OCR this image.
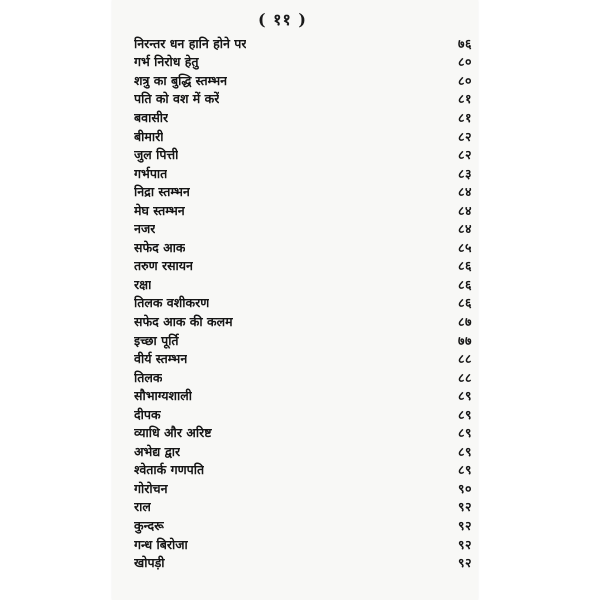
( ११ )
निरन्तर धन हानि होने पर	७६
गर्भ निरोध हेतु	८०
शत्रु का बुद्धि स्तम्भन	८०
पति को वश में करें	८१
बवासीर	८१
बीमारी	८२
जुल पित्ती	८२
गर्भपात	८३
निद्रा स्तम्भन	८४
मेघ स्तम्भन	८४
नजर	८४
सफेद आक	८५
तरुण रसायन	८६
रक्षा	८६
तिलक वशीकरण	८६
सफेद आक की कलम	८७
इच्छा पूर्ति	७७
वीर्य स्तम्भन	८८
तिलक	८८
सौभाग्यशाली	८९
दीपक	८९
व्याधि और अरिष्ट	८९
अभेद्य द्वार	८९
श्वेतार्क गणपति	८९
गोरोचन	९०
राल	९२
कुन्दरू	९२
गन्ध बिरोजा	९२
खोपड़ी	९२
